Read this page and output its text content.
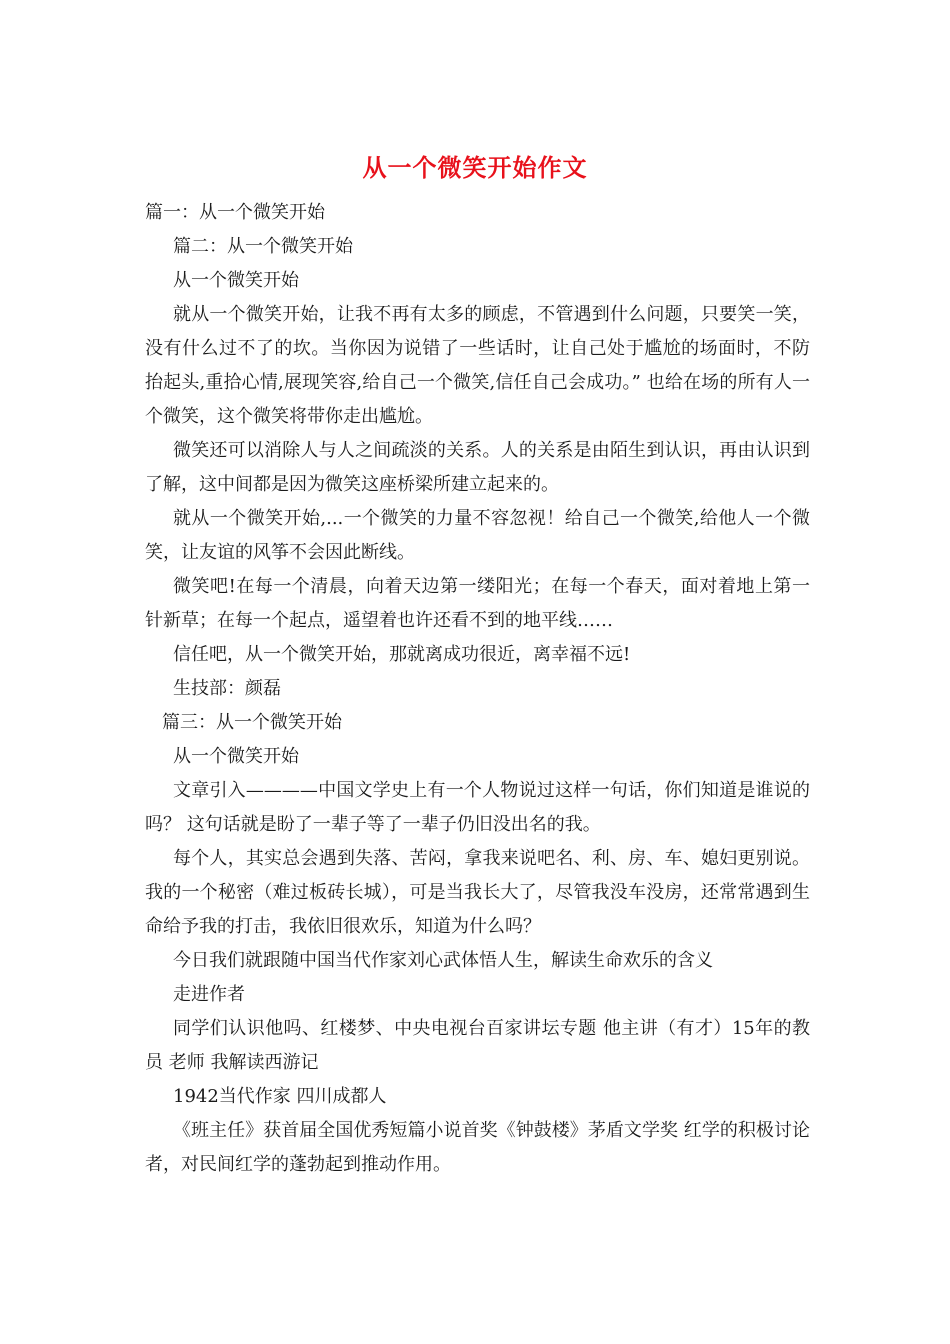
从一个微笑开始作文

篇一：从一个微笑开始

篇二：从一个微笑开始

从一个微笑开始

就从一个微笑开始，让我不再有太多的顾虑，不管遇到什么问题，只要笑一笑，没有什么过不了的坎。当你因为说错了一些话时，让自己处于尴尬的场面时，不防抬起头,重拾心情,展现笑容,给自己一个微笑,信任自己会成功。” 也给在场的所有人一个微笑，这个微笑将带你走出尴尬。

微笑还可以消除人与人之间疏淡的关系。人的关系是由陌生到认识，再由认识到了解，这中间都是因为微笑这座桥梁所建立起来的。

就从一个微笑开始,...一个微笑的力量不容忽视！给自己一个微笑,给他人一个微笑，让友谊的风筝不会因此断线。

微笑吧!在每一个清晨，向着天边第一缕阳光；在每一个春天，面对着地上第一针新草；在每一个起点，遥望着也许还看不到的地平线……

信任吧，从一个微笑开始，那就离成功很近，离幸福不远!

生技部：颜磊

篇三：从一个微笑开始

从一个微笑开始

文章引入————中国文学史上有一个人物说过这样一句话，你们知道是谁说的吗？ 这句话就是盼了一辈子等了一辈子仍旧没出名的我。

每个人，其实总会遇到失落、苦闷，拿我来说吧名、利、房、车、媳妇更别说。我的一个秘密（难过板砖长城），可是当我长大了，尽管我没车没房，还常常遇到生命给予我的打击，我依旧很欢乐，知道为什么吗？

今日我们就跟随中国当代作家刘心武体悟人生，解读生命欢乐的含义

走进作者

同学们认识他吗、红楼梦、中央电视台百家讲坛专题 他主讲（有才）15年的教员 老师 我解读西游记

1942当代作家 四川成都人

《班主任》获首届全国优秀短篇小说首奖《钟鼓楼》茅盾文学奖 红学的积极讨论者，对民间红学的蓬勃起到推动作用。
